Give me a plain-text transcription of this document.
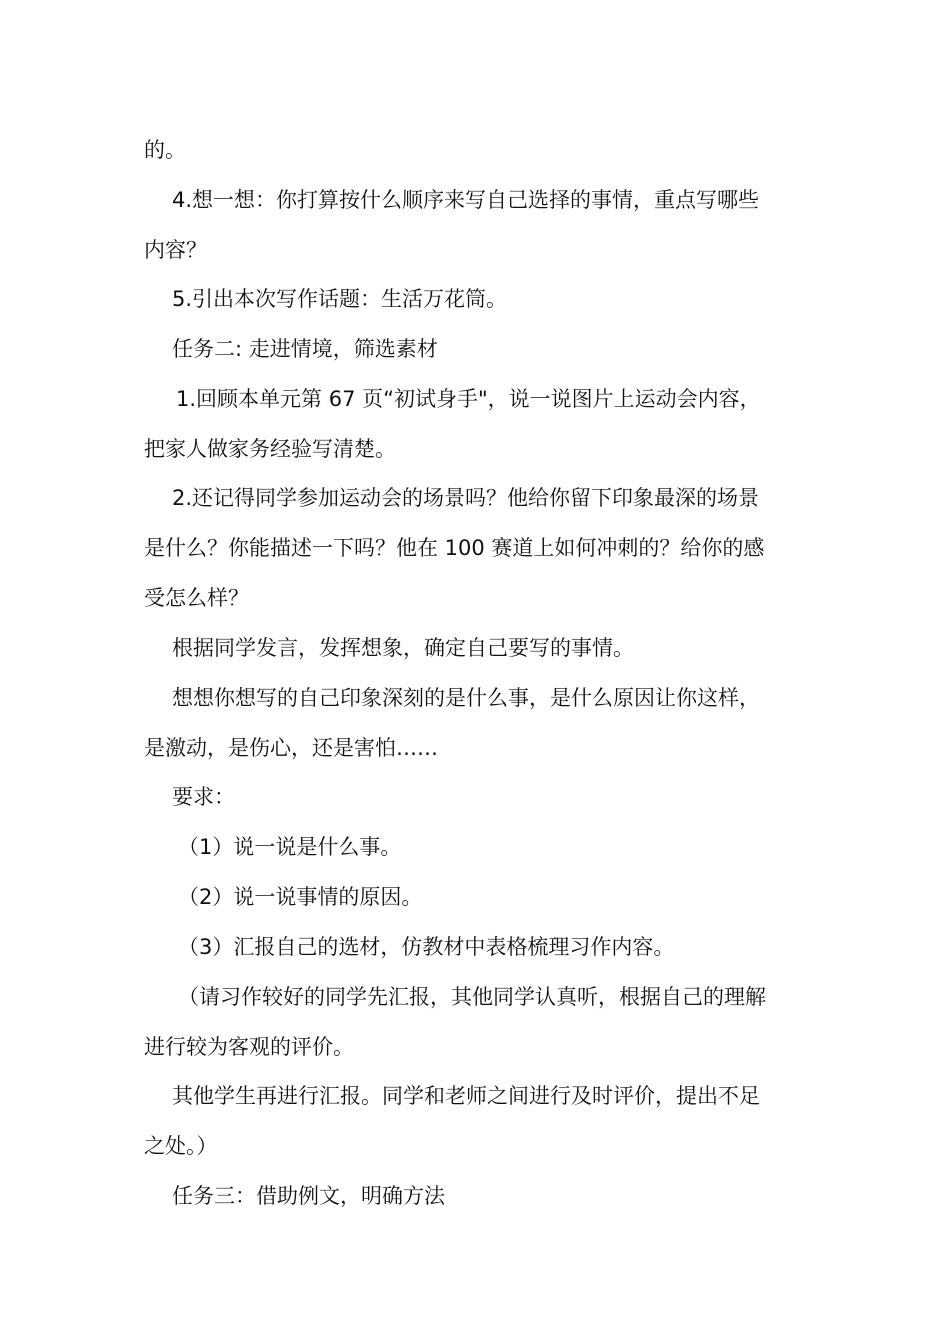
的。
4.想一想：你打算按什么顺序来写自己选择的事情，重点写哪些
内容？
5.引出本次写作话题：生活万花筒。
任务二: 走进情境，筛选素材
1.回顾本单元第 67 页“初试身手"，说一说图片上运动会内容，
把家人做家务经验写清楚。
2.还记得同学参加运动会的场景吗？他给你留下印象最深的场景
是什么？你能描述一下吗？他在 100 赛道上如何冲刺的？给你的感
受怎么样？
根据同学发言，发挥想象，确定自己要写的事情。
想想你想写的自己印象深刻的是什么事，是什么原因让你这样，
是激动，是伤心，还是害怕……
要求：
（1）说一说是什么事。
（2）说一说事情的原因。
（3）汇报自己的选材，仿教材中表格梳理习作内容。
（请习作较好的同学先汇报，其他同学认真听，根据自己的理解
进行较为客观的评价。
其他学生再进行汇报。同学和老师之间进行及时评价，提出不足
之处。）
任务三：借助例文，明确方法
